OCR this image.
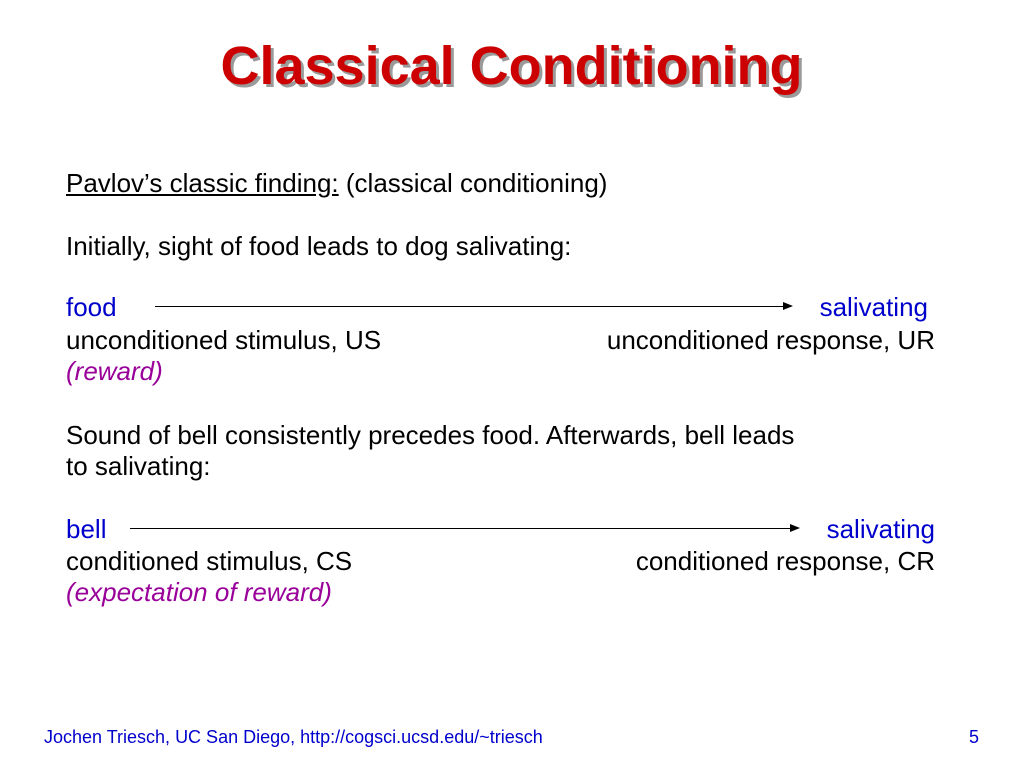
Classical Conditioning
Pavlov’s classic finding: (classical conditioning)
Initially, sight of food leads to dog salivating:
food	salivating
unconditioned stimulus, US	unconditioned response, UR
(reward)
Sound of bell consistently precedes food. Afterwards, bell leads
to salivating:
bell	salivating
conditioned stimulus, CS	conditioned response, CR
(expectation of reward)
Jochen Triesch, UC San Diego, http://cogsci.ucsd.edu/~triesch	5
